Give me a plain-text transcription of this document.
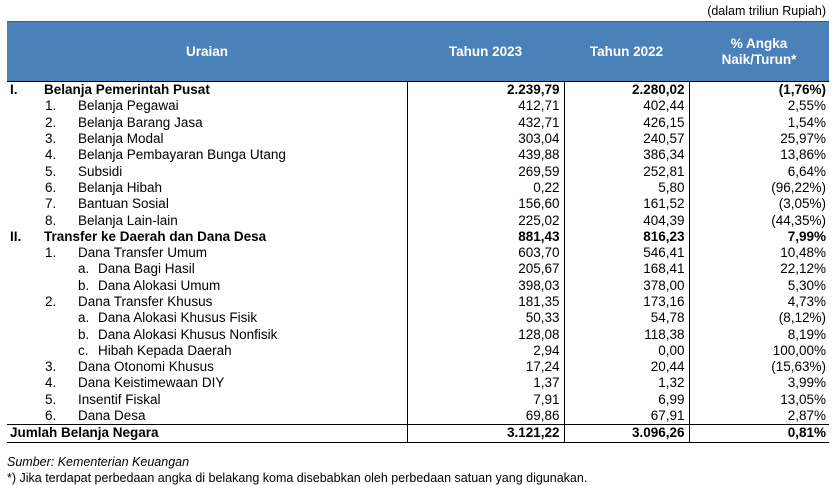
(dalam triliun Rupiah)
Uraian	Tahun 2023	Tahun 2022	% Angka
Naik/Turun*

I. Belanja Pemerintah Pusat	2.239,79	2.280,02	(1,76%)

1. Belanja Pegawai	412,71	402,44	2,55%

2. Belanja Barang Jasa	432,71	426,15	1,54%

3. Belanja Modal	303,04	240,57	25,97%

4. Belanja Pembayaran Bunga Utang	439,88	386,34	13,86%

5. Subsidi	269,59	252,81	6,64%

6. Belanja Hibah	0,22	5,80	(96,22%)

7. Bantuan Sosial	156,60	161,52	(3,05%)

8. Belanja Lain-lain	225,02	404,39	(44,35%)

II. Transfer ke Daerah dan Dana Desa	881,43	816,23	7,99%

1. Dana Transfer Umum	603,70	546,41	10,48%

a. Dana Bagi Hasil	205,67	168,41	22,12%

b. Dana Alokasi Umum	398,03	378,00	5,30%

2. Dana Transfer Khusus	181,35	173,16	4,73%

a. Dana Alokasi Khusus Fisik	50,33	54,78	(8,12%)

b. Dana Alokasi Khusus Nonfisik	128,08	118,38	8,19%

c. Hibah Kepada Daerah	2,94	0,00	100,00%

3. Dana Otonomi Khusus	17,24	20,44	(15,63%)

4. Dana Keistimewaan DIY	1,37	1,32	3,99%

5. Insentif Fiskal	7,91	6,99	13,05%

6. Dana Desa	69,86	67,91	2,87%

Jumlah Belanja Negara	3.121,22	3.096,26	0,81%
Sumber: Kementerian Keuangan
*) Jika terdapat perbedaan angka di belakang koma disebabkan oleh perbedaan satuan yang digunakan.
